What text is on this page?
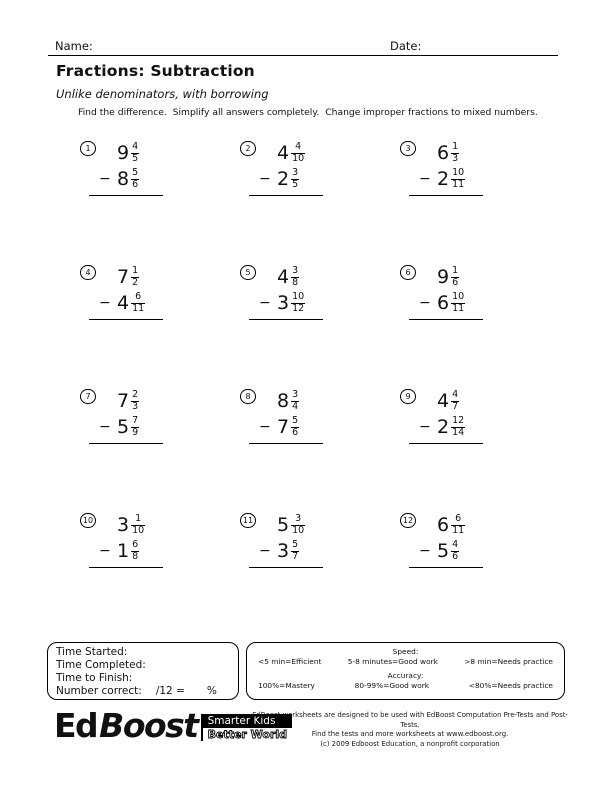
Name:	Date:
Fractions: Subtraction
Unlike denominators, with borrowing
Find the difference.  Simplify all answers completely.  Change improper fractions to mixed numbers.
1 $9 \frac{4}{5}$
− $8 \frac{5}{6}$
2 $4 \frac{4}{10}$
− $2 \frac{3}{5}$
3 $6 \frac{1}{3}$
− $2 \frac{10}{11}$
4 $7 \frac{1}{2}$
− $4 \frac{6}{11}$
5 $4 \frac{3}{8}$
− $3 \frac{10}{12}$
6 $9 \frac{1}{6}$
− $6 \frac{10}{11}$
7 $7 \frac{2}{3}$
− $5 \frac{7}{9}$
8 $8 \frac{3}{4}$
− $7 \frac{5}{6}$
9 $4 \frac{4}{7}$
− $2 \frac{12}{14}$
10 $3 \frac{1}{10}$
− $1 \frac{6}{8}$
11 $5 \frac{3}{10}$
− $3 \frac{5}{7}$
12 $6 \frac{6}{11}$
− $5 \frac{4}{6}$
Time Started:
Time Completed:
Time to Finish:
Number correct: /12 = %
Speed:
<5 min=Efficient	5-8 minutes=Good work	>8 min=Needs practice
Accuracy:
100%=Mastery	80-99%=Good work	<80%=Needs practice
Ed Boost Smarter Kids
Better World
EdBoost worksheets are designed to be used with EdBoost Computation Pre-Tests and Post-Tests.
Find the tests and more worksheets at www.edboost.org.
(c) 2009 Edboost Education, a nonprofit corporation
